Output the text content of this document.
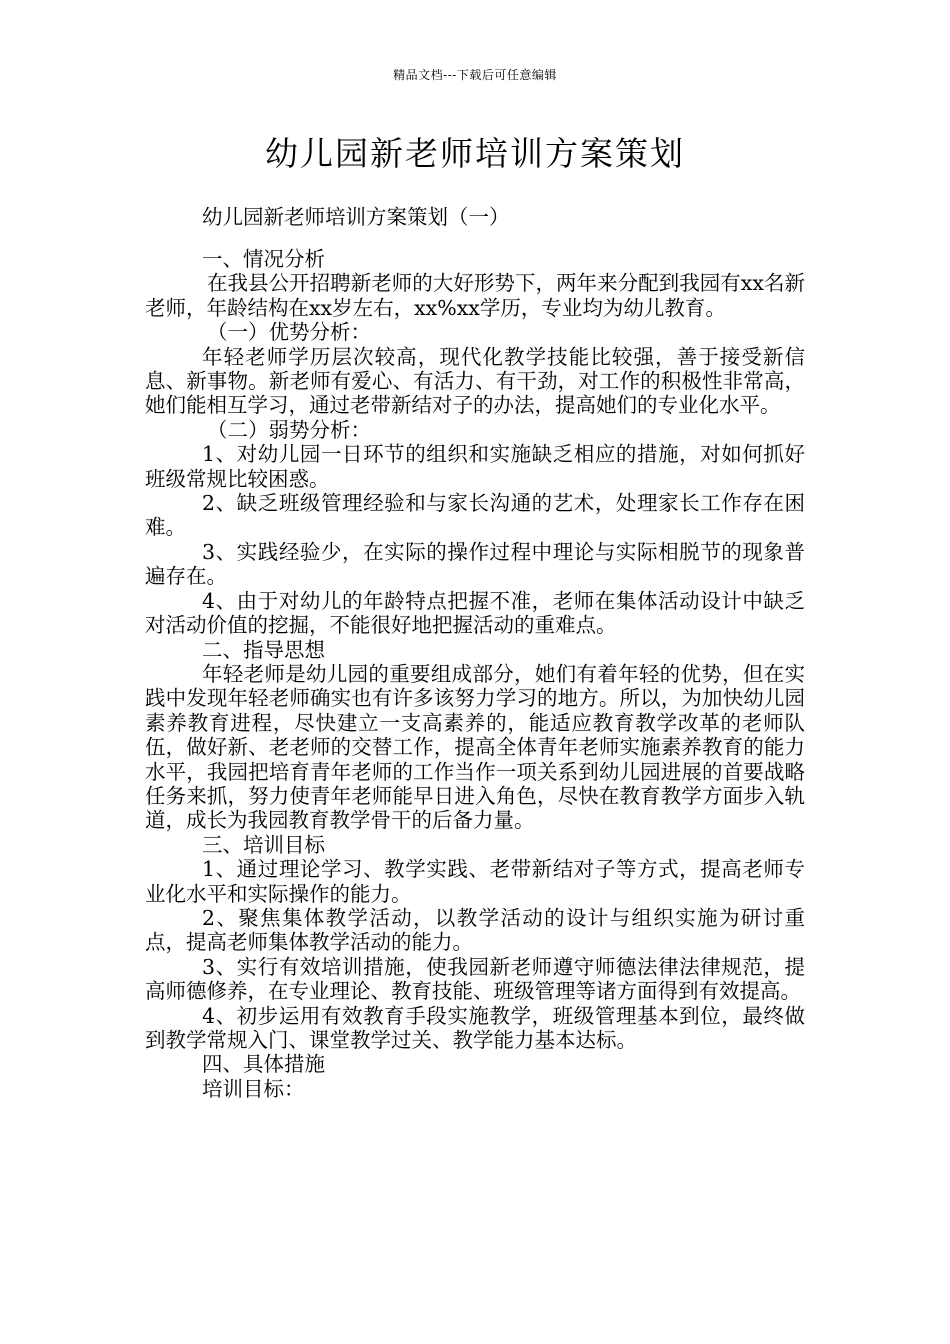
精品文档---下载后可任意编辑
幼儿园新老师培训方案策划
幼儿园新老师培训方案策划（一）

一、情况分析

在我县公开招聘新老师的大好形势下，两年来分配到我园有xx名新老师，年龄结构在xx岁左右，xx%xx学历，专业均为幼儿教育。

（一）优势分析：

年轻老师学历层次较高，现代化教学技能比较强，善于接受新信息、新事物。新老师有爱心、有活力、有干劲，对工作的积极性非常高，她们能相互学习，通过老带新结对子的办法，提高她们的专业化水平。

（二）弱势分析：

1、对幼儿园一日环节的组织和实施缺乏相应的措施，对如何抓好班级常规比较困惑。

2、缺乏班级管理经验和与家长沟通的艺术，处理家长工作存在困难。

3、实践经验少，在实际的操作过程中理论与实际相脱节的现象普遍存在。

4、由于对幼儿的年龄特点把握不准，老师在集体活动设计中缺乏对活动价值的挖掘，不能很好地把握活动的重难点。

二、指导思想

年轻老师是幼儿园的重要组成部分，她们有着年轻的优势，但在实践中发现年轻老师确实也有许多该努力学习的地方。所以，为加快幼儿园素养教育进程，尽快建立一支高素养的，能适应教育教学改革的老师队伍，做好新、老老师的交替工作，提高全体青年老师实施素养教育的能力水平，我园把培育青年老师的工作当作一项关系到幼儿园进展的首要战略任务来抓，努力使青年老师能早日进入角色，尽快在教育教学方面步入轨道，成长为我园教育教学骨干的后备力量。

三、培训目标

1、通过理论学习、教学实践、老带新结对子等方式，提高老师专业化水平和实际操作的能力。

2、聚焦集体教学活动，以教学活动的设计与组织实施为研讨重点，提高老师集体教学活动的能力。

3、实行有效培训措施，使我园新老师遵守师德法律法律规范，提高师德修养，在专业理论、教育技能、班级管理等诸方面得到有效提高。

4、初步运用有效教育手段实施教学，班级管理基本到位，最终做到教学常规入门、课堂教学过关、教学能力基本达标。

四、具体措施

培训目标：
